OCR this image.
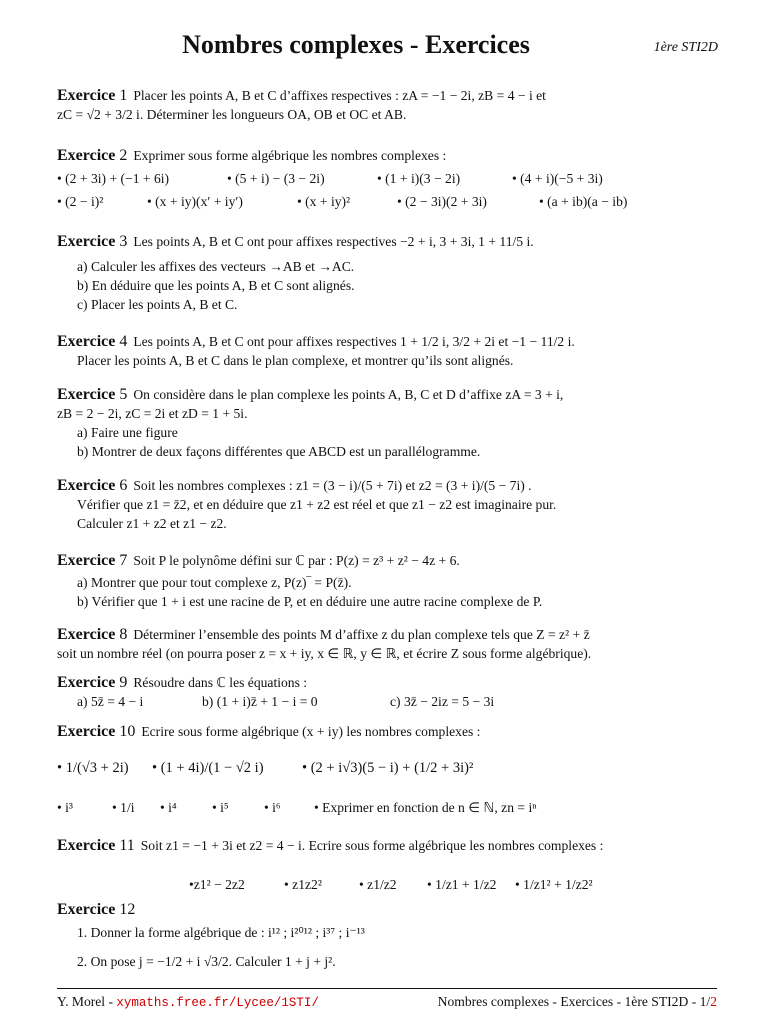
Nombres complexes - Exercices	1ère STI2D
Exercice 1 Placer les points A, B et C d’affixes respectives : zA = −1 − 2i, zB = 4 − i et
zC = √2 + 3/2 i. Déterminer les longueurs OA, OB et OC et AB.
Exercice 2 Exprimer sous forme algébrique les nombres complexes :
• (2 + 3i) + (−1 + 6i)	• (5 + i) − (3 − 2i)	• (1 + i)(3 − 2i)	• (4 + i)(−5 + 3i)
• (2 − i)²	• (x + iy)(x′ + iy′)	• (x + iy)²	• (2 − 3i)(2 + 3i)	• (a + ib)(a − ib)
Exercice 3 Les points A, B et C ont pour affixes respectives −2 + i, 3 + 3i, 1 + 11/5 i.
a) Calculer les affixes des vecteurs →AB et →AC.
b) En déduire que les points A, B et C sont alignés.
c) Placer les points A, B et C.
Exercice 4 Les points A, B et C ont pour affixes respectives 1 + 1/2 i, 3/2 + 2i et −1 − 11/2 i.
Placer les points A, B et C dans le plan complexe, et montrer qu’ils sont alignés.
Exercice 5 On considère dans le plan complexe les points A, B, C et D d’affixe zA = 3 + i,
zB = 2 − 2i, zC = 2i et zD = 1 + 5i.
a) Faire une figure
b) Montrer de deux façons différentes que ABCD est un parallélogramme.
Exercice 6 Soit les nombres complexes : z1 = (3 − i)/(5 + 7i) et z2 = (3 + i)/(5 − 7i) .
Vérifier que z1 = z̄2, et en déduire que z1 + z2 est réel et que z1 − z2 est imaginaire pur.
Calculer z1 + z2 et z1 − z2.
Exercice 7 Soit P le polynôme défini sur ℂ par : P(z) = z³ + z² − 4z + 6.
a) Montrer que pour tout complexe z, P(z)‾ = P(z̄).
b) Vérifier que 1 + i est une racine de P, et en déduire une autre racine complexe de P.
Exercice 8 Déterminer l’ensemble des points M d’affixe z du plan complexe tels que Z = z² + z̄
soit un nombre réel (on pourra poser z = x + iy, x ∈ ℝ, y ∈ ℝ, et écrire Z sous forme algébrique).
Exercice 9 Résoudre dans ℂ les équations :
a) 5z̄ = 4 − i	b) (1 + i)z̄ + 1 − i = 0	c) 3z̄ − 2iz = 5 − 3i
Exercice 10 Ecrire sous forme algébrique (x + iy) les nombres complexes :
• 1/(√3 + 2i)	• (1 + 4i)/(1 − √2 i)	• (2 + i√3)(5 − i) + (1/2 + 3i)²
• i³	• 1/i	• i⁴	• i⁵	• i⁶	• Exprimer en fonction de n ∈ ℕ, zn = iⁿ
Exercice 11 Soit z1 = −1 + 3i et z2 = 4 − i. Ecrire sous forme algébrique les nombres complexes :
•z1² − 2z2	• z1z2²	• z1/z2	• 1/z1 + 1/z2	• 1/z1² + 1/z2²
Exercice 12
1. Donner la forme algébrique de : i¹² ; i²⁰¹² ; i³⁷ ; i⁻¹³
2. On pose j = −1/2 + i √3/2. Calculer 1 + j + j².
Y. Morel - xymaths.free.fr/Lycee/1STI/	Nombres complexes - Exercices - 1ère STI2D - 1/2
